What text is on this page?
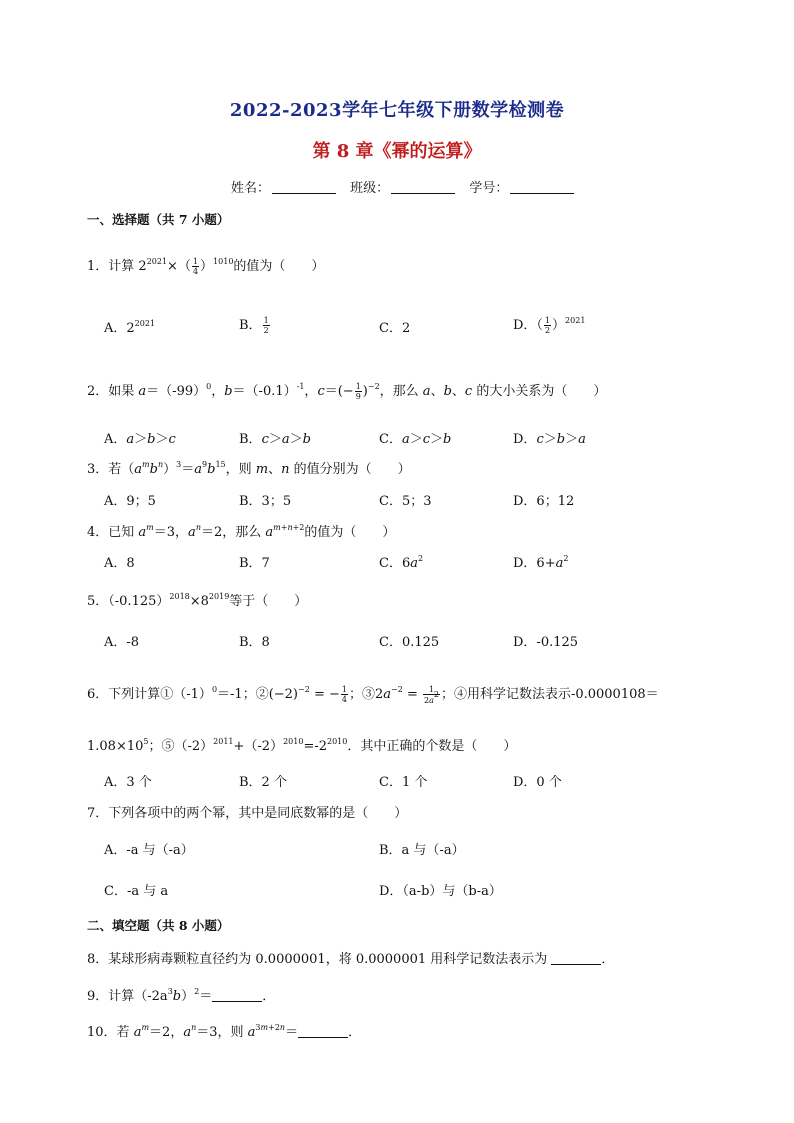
2022-2023学年七年级下册数学检测卷
第 8 章《幂的运算》
姓名：	班级：	学号：
一、选择题（共 7 小题）
1．计算 $2^{2021}\times( \frac{1}{4} )^{1010}$的值为（　　）
A．$2^{2021}$	B． $\frac{1}{2}$	C．2	D．（ $\frac{1}{2} )^{2021}$
2．如果 $a=(-99)^0$，$b=(-0.1)^{-1}$，$c=(- \frac{1}{9} )^{-2}$，那么 a、b、c 的大小关系为（　　）
A．a＞b＞c	B．c＞a＞b	C．a＞c＞b	D．c＞b＞a
3．若$(a^mb^n)^3=a^9b^{15}$，则 m、n 的值分别为（　　）
A．9；5	B．3；5	C．5；3	D．6；12
4．已知 $a^m=3$，$a^n=2$，那么 $a^{m+n+2}$的值为（　　）
A．8	B．7	C．$6a^2$	D．$6+a^2$
5．$(-0.125)^{2018}\times 8^{2019}$等于（　　）
A．-8	B．8	C．0.125	D．-0.125
6．下列计算$①(-1)^0=-1$；$②(-2)^{-2}$ = − $\frac{1}{4}$ ；$③2a^{-2} = \frac{1}{2a^2}$ ；④用科学记数法表示-0.0000108＝
$1.08\times 10^5$；$⑤(-2)^{2011}+(-2)^{2010}=-2^{2010}$．其中正确的个数是（　　）
A．3 个	B．2 个	C．1 个	D．0 个
7．下列各项中的两个幂，其中是同底数幂的是（　　）
A．-a 与（-a）	B．a 与（-a）
C．-a 与 a	D．（a-b）与（b-a）
二、填空题（共 8 小题）
8．某球形病毒颗粒直径约为 0.0000001，将 0.0000001 用科学记数法表示为	．
9．计算$(-2a^3b)^2=$	．
10．若 $a^m=2$，$a^n=3$，则 $a^{3m+2n}=$	．
